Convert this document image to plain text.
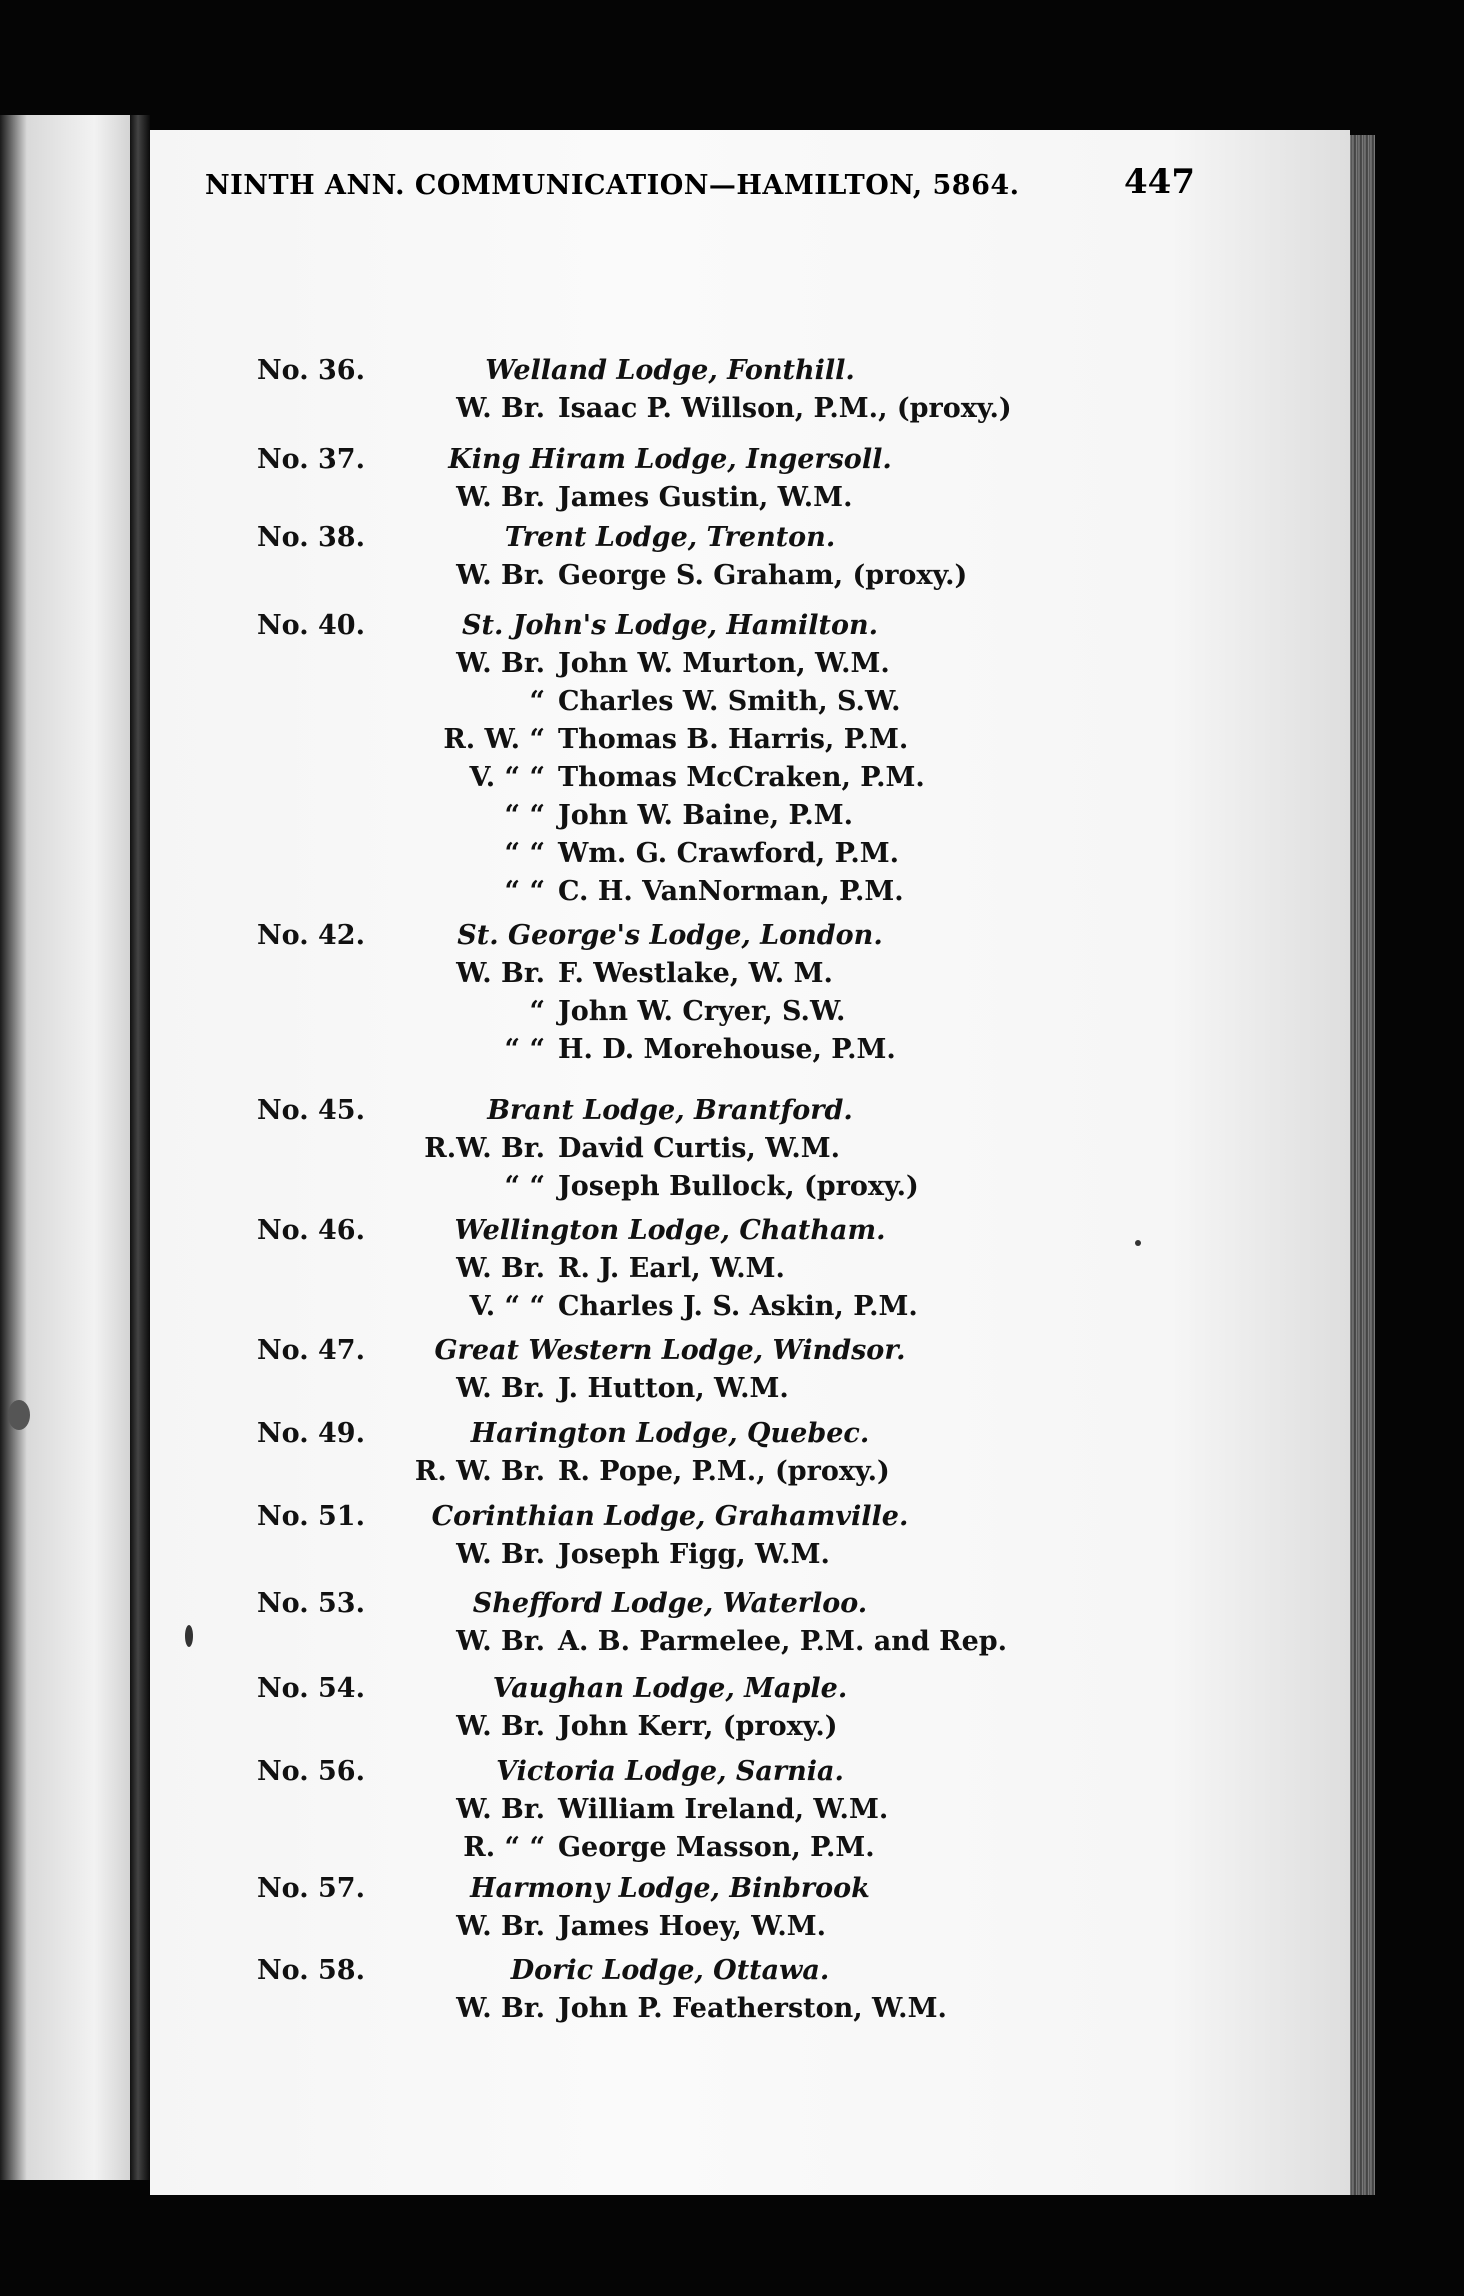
No. 36.	Welland Lodge, Fonthill.
W. Br. Isaac P. Willson, P.M., (proxy.)
No. 37.	King Hiram Lodge, Ingersoll.
W. Br. James Gustin, W.M.
No. 38.	Trent Lodge, Trenton.
W. Br. George S. Graham, (proxy.)
No. 40.	St. John's Lodge, Hamilton.
W. Br. John W. Murton, W.M.
“ Charles W. Smith, S.W.
R. W. “ Thomas B. Harris, P.M.
V. “ “ Thomas McCraken, P.M.
“ “ John W. Baine, P.M.
“ “ Wm. G. Crawford, P.M.
“ “ C. H. VanNorman, P.M.
No. 42.	St. George's Lodge, London.
W. Br. F. Westlake, W. M.
“ John W. Cryer, S.W.
“ “ H. D. Morehouse, P.M.
No. 45.	Brant Lodge, Brantford.
R.W. Br. David Curtis, W.M.
“ “ Joseph Bullock, (proxy.)
No. 46.	Wellington Lodge, Chatham.
W. Br. R. J. Earl, W.M.
V. “ “ Charles J. S. Askin, P.M.
No. 47.	Great Western Lodge, Windsor.
W. Br. J. Hutton, W.M.
No. 49.	Harington Lodge, Quebec.
R. W. Br. R. Pope, P.M., (proxy.)
No. 51.	Corinthian Lodge, Grahamville.
W. Br. Joseph Figg, W.M.
No. 53.	Shefford Lodge, Waterloo.
W. Br. A. B. Parmelee, P.M. and Rep.
No. 54.	Vaughan Lodge, Maple.
W. Br. John Kerr, (proxy.)
No. 56.	Victoria Lodge, Sarnia.
W. Br. William Ireland, W.M.
R. “ “ George Masson, P.M.
No. 57.	Harmony Lodge, Binbrook
W. Br. James Hoey, W.M.
No. 58.	Doric Lodge, Ottawa.
W. Br. John P. Featherston, W.M.
NINTH ANN. COMMUNICATION—HAMILTON, 5864.	447
